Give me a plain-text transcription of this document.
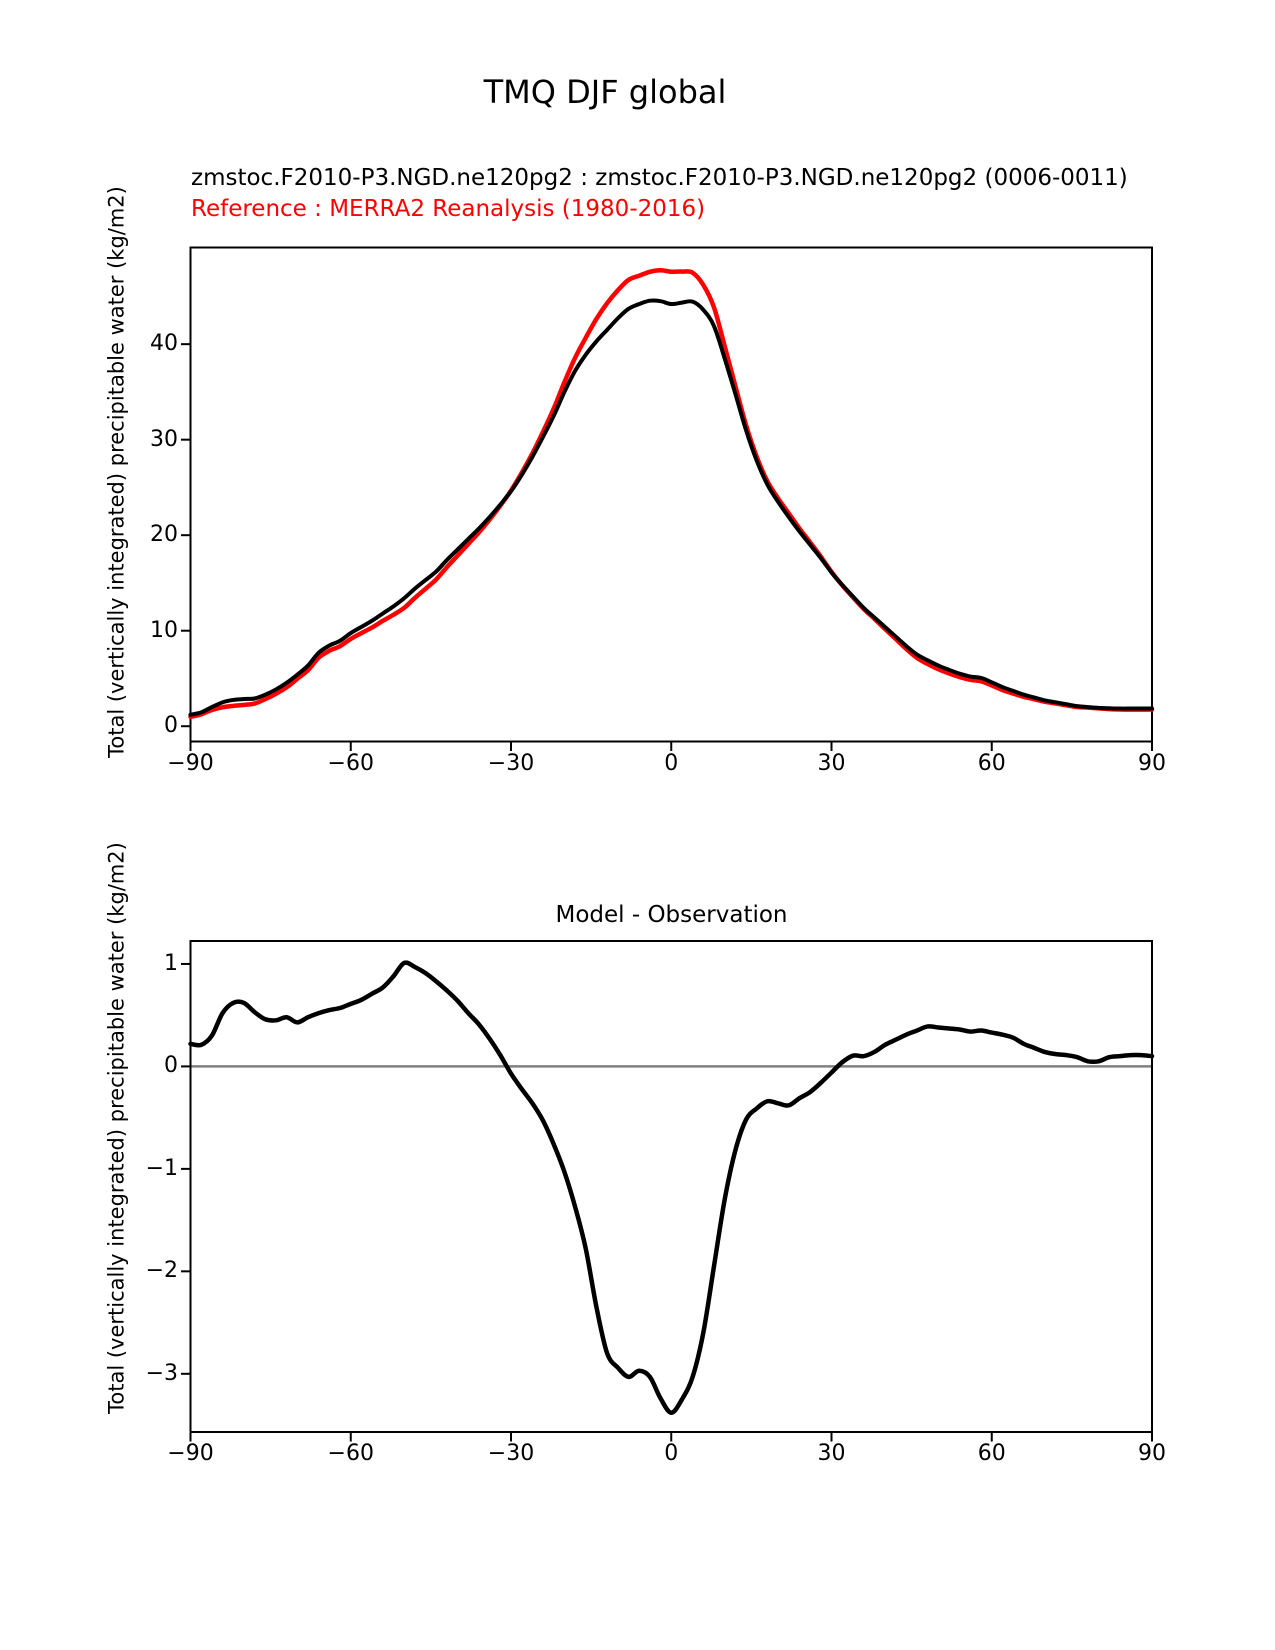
TMQ DJF global
zmstoc.F2010-P3.NGD.ne120pg2 : zmstoc.F2010-P3.NGD.ne120pg2 (0006-0011)
Reference : MERRA2 Reanalysis (1980-2016)
Total (vertically integrated) precipitable water (kg/m2)
Model - Observation
Total (vertically integrated) precipitable water (kg/m2)
−90	−60	−30	0	30	60	90
0
10
20
30
40
−90	−60	−30	0	30	60	90
1
0
−1
−2
−3
